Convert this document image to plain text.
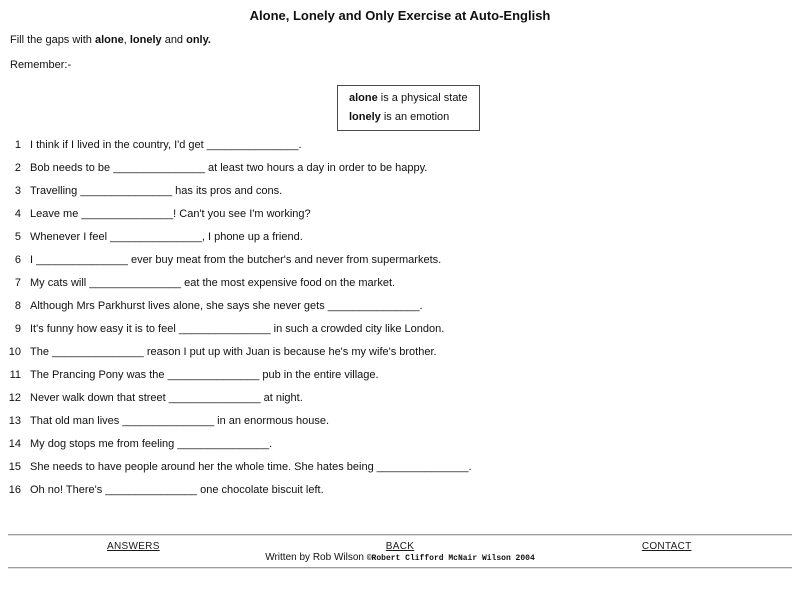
Alone, Lonely and Only Exercise at Auto-English

Fill the gaps with alone, lonely and only.

Remember:-

alone is a physical state

lonely is an emotion

1 I think if I lived in the country, I'd get _______________.
2 Bob needs to be _______________ at least two hours a day in order to be happy.
3 Travelling _______________ has its pros and cons.
4 Leave me _______________! Can't you see I'm working?
5 Whenever I feel _______________, I phone up a friend.
6 I _______________ ever buy meat from the butcher's and never from supermarkets.
7 My cats will _______________ eat the most expensive food on the market.
8 Although Mrs Parkhurst lives alone, she says she never gets _______________.
9 It's funny how easy it is to feel _______________ in such a crowded city like London.
10 The _______________ reason I put up with Juan is because he's my wife's brother.
11 The Prancing Pony was the _______________ pub in the entire village.
12 Never walk down that street _______________ at night.
13 That old man lives _______________ in an enormous house.
14 My dog stops me from feeling _______________.
15 She needs to have people around her the whole time. She hates being _______________.
16 Oh no! There's _______________ one chocolate biscuit left.
ANSWERS	BACK	CONTACT
Written by Rob Wilson ©Robert Clifford McNair Wilson 2004
